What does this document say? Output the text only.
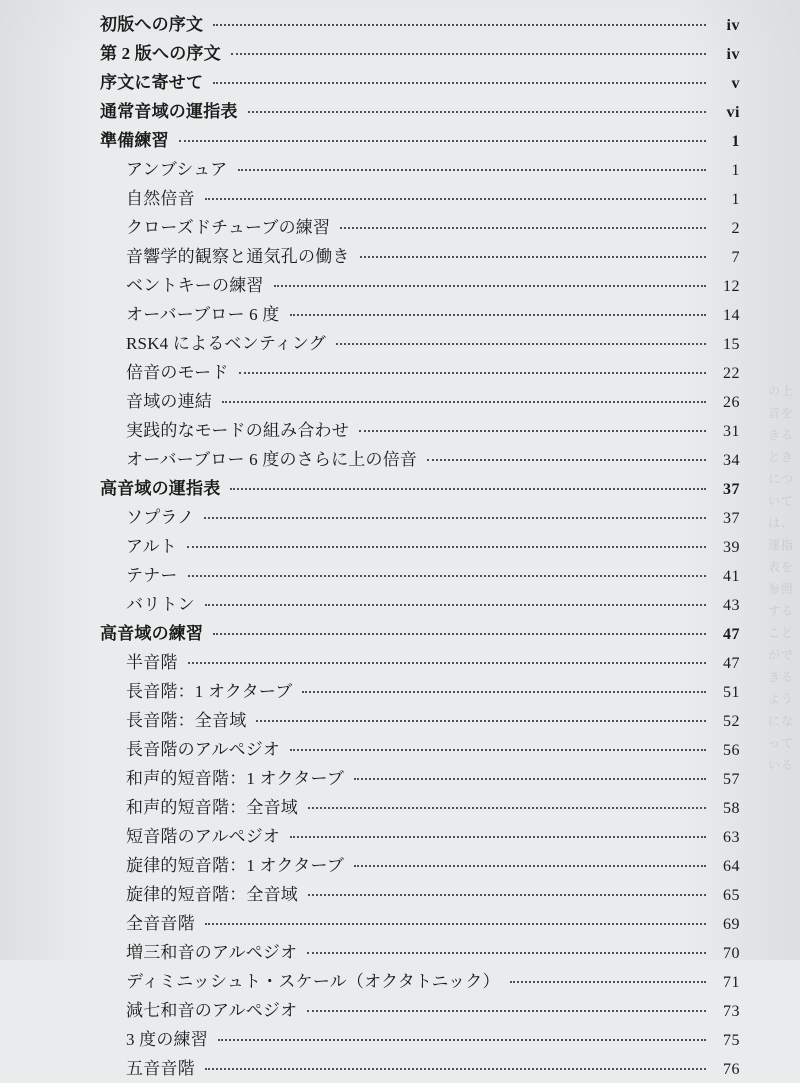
の上
音を
きる
とき
につ
いて
は、
運指
表を
参照
する
こと
がで
きる
よう
にな
って
いる
初版への序文	iv
第 2 版への序文	iv
序文に寄せて	v
通常音域の運指表	vi
準備練習	1
アンブシュア	1
自然倍音	1
クローズドチューブの練習	2
音響学的観察と通気孔の働き	7
ベントキーの練習	12
オーバーブロー 6 度	14
RSK4 によるベンティング	15
倍音のモード	22
音域の連結	26
実践的なモードの組み合わせ	31
オーバーブロー 6 度のさらに上の倍音	34
高音域の運指表	37
ソプラノ	37
アルト	39
テナー	41
バリトン	43
高音域の練習	47
半音階	47
長音階：1 オクターブ	51
長音階：全音域	52
長音階のアルペジオ	56
和声的短音階：1 オクターブ	57
和声的短音階：全音域	58
短音階のアルペジオ	63
旋律的短音階：1 オクターブ	64
旋律的短音階：全音域	65
全音音階	69
増三和音のアルペジオ	70
ディミニッシュト・スケール（オクタトニック）	71
減七和音のアルペジオ	73
3 度の練習	75
五音音階	76
